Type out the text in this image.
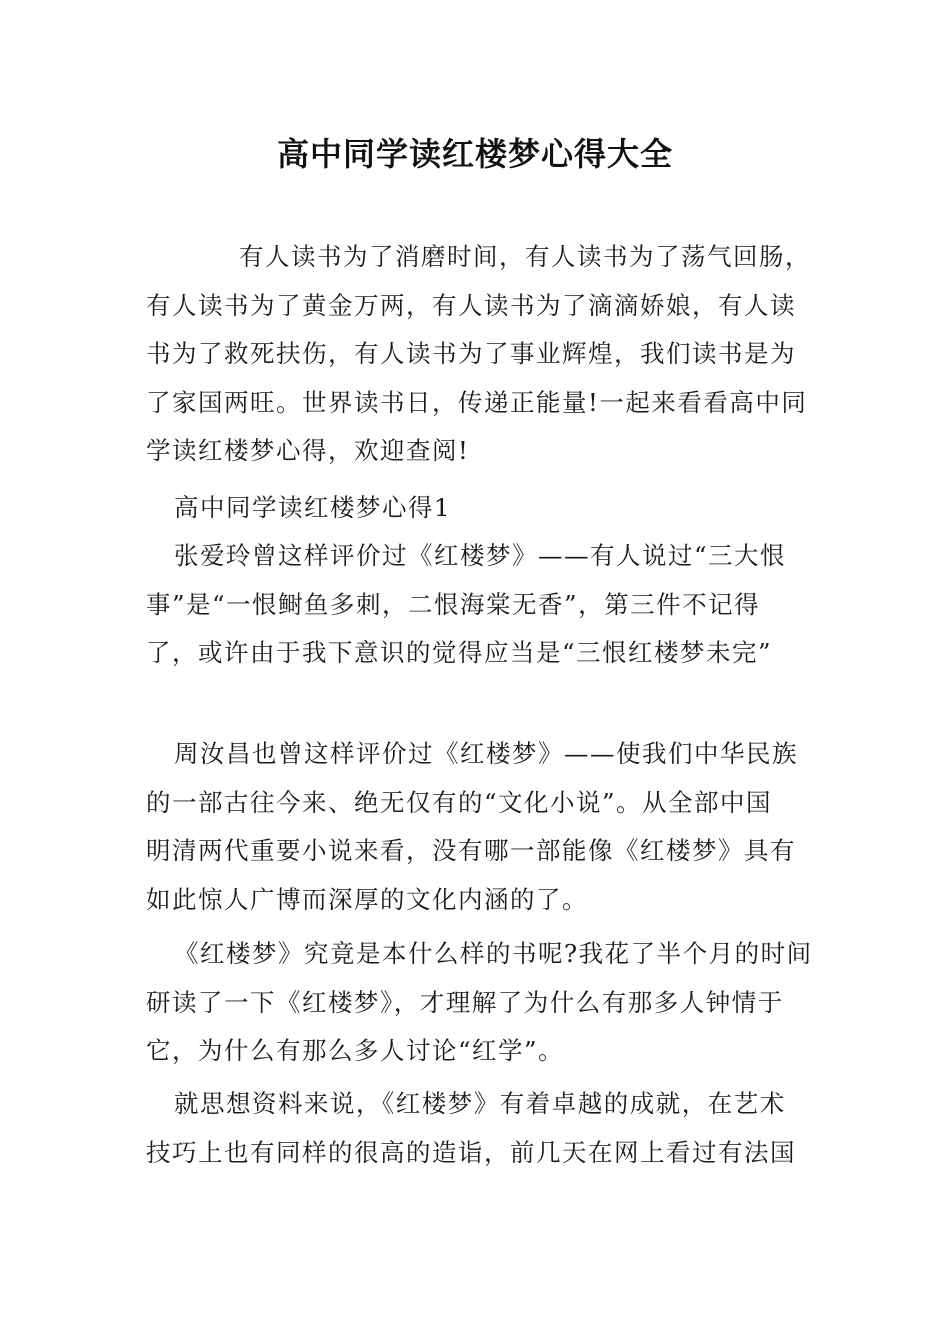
高中同学读红楼梦心得大全
有人读书为了消磨时间，有人读书为了荡气回肠，
有人读书为了黄金万两，有人读书为了滴滴娇娘，有人读
书为了救死扶伤，有人读书为了事业辉煌，我们读书是为
了家国两旺。世界读书日，传递正能量!一起来看看高中同
学读红楼梦心得，欢迎查阅!
高中同学读红楼梦心得1
张爱玲曾这样评价过《红楼梦》——有人说过“三大恨
事”是“一恨鲥鱼多刺，二恨海棠无香”，第三件不记得
了，或许由于我下意识的觉得应当是“三恨红楼梦未完”
周汝昌也曾这样评价过《红楼梦》——使我们中华民族
的一部古往今来、绝无仅有的“文化小说”。从全部中国
明清两代重要小说来看，没有哪一部能像《红楼梦》具有
如此惊人广博而深厚的文化内涵的了。
《红楼梦》究竟是本什么样的书呢?我花了半个月的时间
研读了一下《红楼梦》，才理解了为什么有那多人钟情于
它，为什么有那么多人讨论“红学”。
就思想资料来说，《红楼梦》有着卓越的成就，在艺术
技巧上也有同样的很高的造诣，前几天在网上看过有法国
